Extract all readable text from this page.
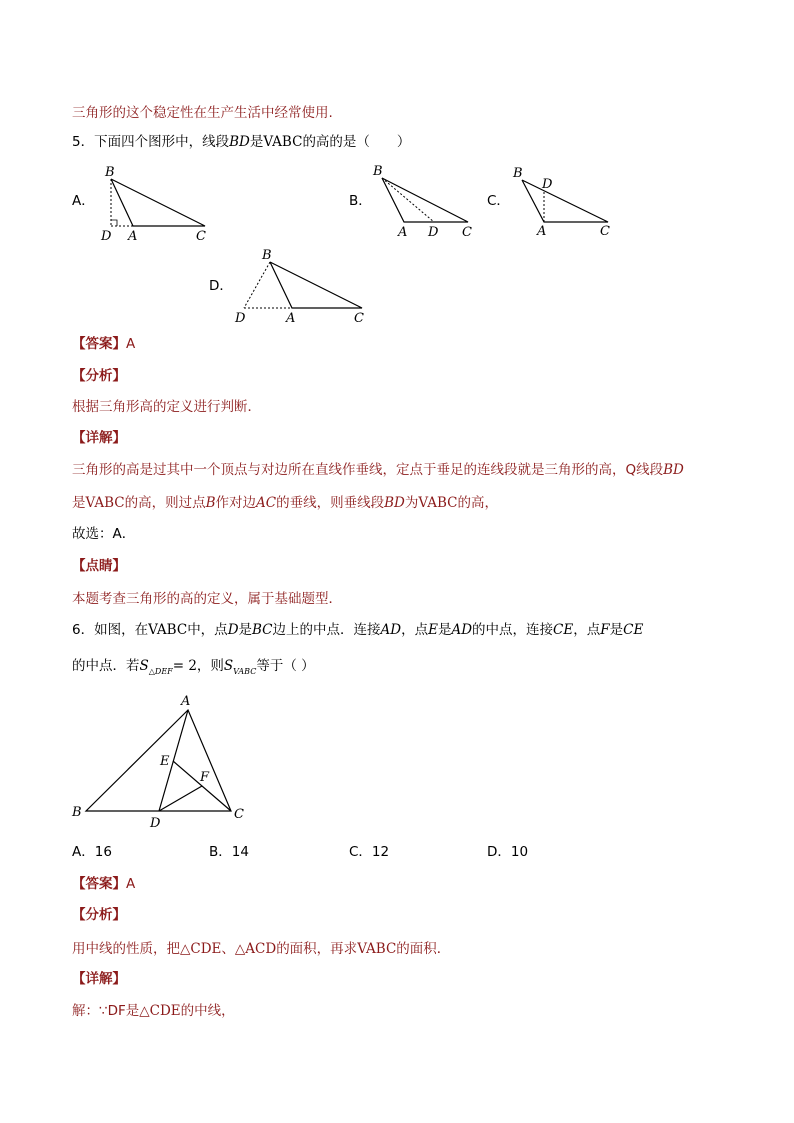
三角形的这个稳定性在生产生活中经常使用.
5．下面四个图形中，线段BD是VABC的高的是（　　）
A．	B．	C．
D．
B
D A	C
B
A D C
B
D
A	C
B
D	A	C
【答案】A
【分析】
根据三角形高的定义进行判断．
【详解】
三角形的高是过其中一个顶点与对边所在直线作垂线，定点于垂足的连线段就是三角形的高，Q线段BD
是VABC的高，则过点B作对边AC的垂线，则垂线段BD为VABC的高，
故选：A．
【点睛】
本题考查三角形的高的定义，属于基础题型．
6．如图，在VABC中，点D是BC边上的中点．连接AD，点E是AD的中点，连接CE，点F是CE
的中点．若$S_{\triangle DEF}= 2$，则$S_{VABC}$等于（ ）
A
B	C
D
E
F
A．16	B．14	C．12	D．10
【答案】A
【分析】
用中线的性质，把△CDE、△ACD的面积，再求VABC的面积．
【详解】
解：∵DF是△CDE的中线，
